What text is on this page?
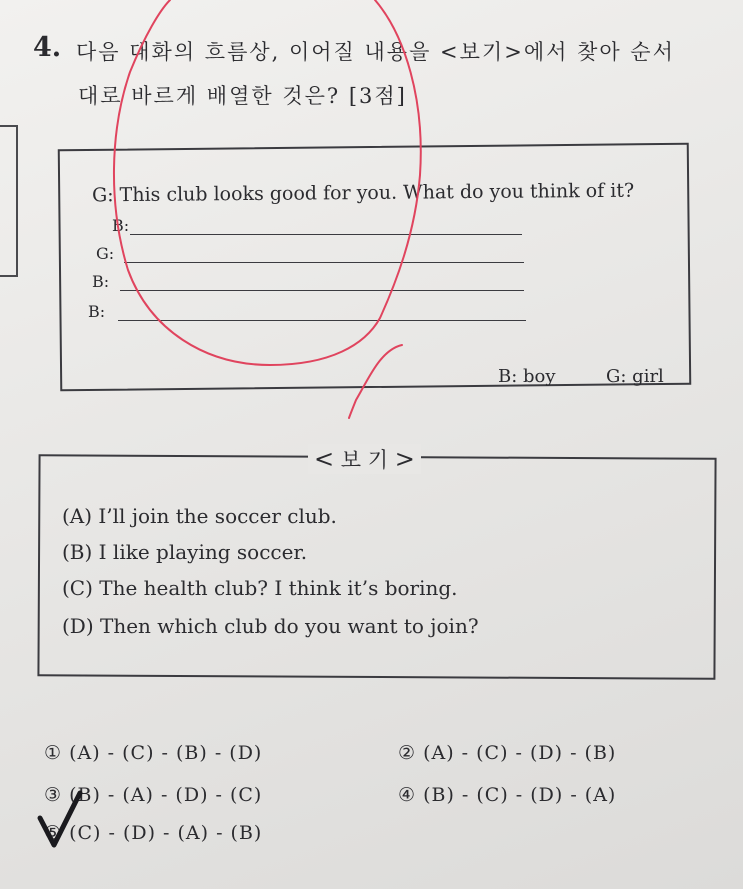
4. 다음 대화의 흐름상, 이어질 내용을 <보기>에서 찾아 순서
대로 바르게 배열한 것은? [3점]
G: This club looks good for you. What do you think of it?
B:
G:
B:
B:
B: boy	G: girl
< 보 기 >
(A) I’ll join the soccer club.
(B) I like playing soccer.
(C) The health club? I think it’s boring.
(D) Then which club do you want to join?
① (A) - (C) - (B) - (D)	② (A) - (C) - (D) - (B)
③ (B) - (A) - (D) - (C)	④ (B) - (C) - (D) - (A)
⑤ (C) - (D) - (A) - (B)
